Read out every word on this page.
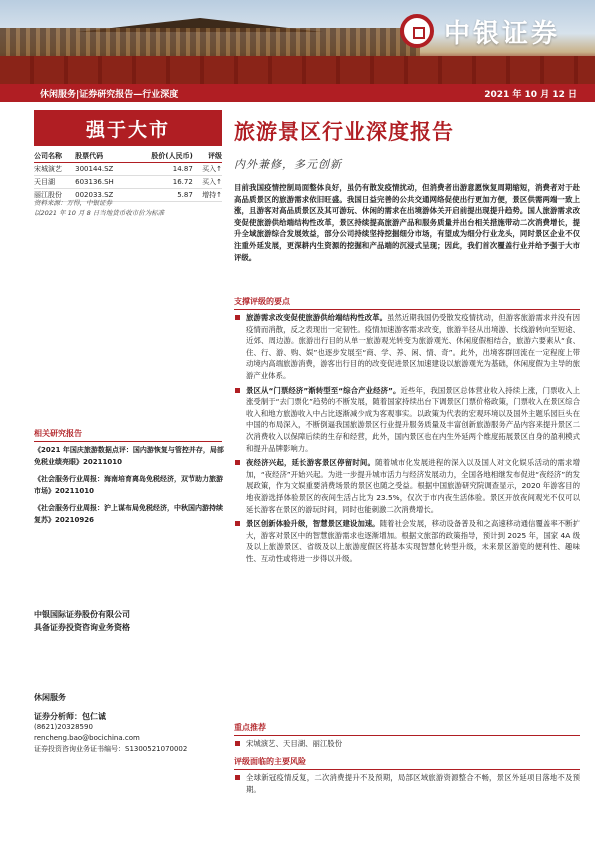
中银证券
休闲服务|证券研究报告—行业深度	2021 年 10 月 12 日
强于大市
公司名称	股票代码	股价(人民币)	评级
宋城演艺	300144.SZ	14.87	买入↑
天目湖	603136.SH	16.72	买入↑
丽江股份	002033.SZ	5.87	增持↑
资料来源：万得，中银证券
以2021 年 10 月 8 日当地货币收市价为标准
相关研究报告
《2021 年国庆旅游数据点评：国内游恢复与管控并存，局部免税业绩亮眼》20211010
《社会服务行业周报：海南培育离岛免税经济，双节助力旅游市场》20211010
《社会服务行业周报：沪上谋布局免税经济，中秋国内游持续复苏》20210926
中银国际证券股份有限公司
具备证券投资咨询业务资格
休闲服务
证券分析师：包仁诚
(8621)20328590
rencheng.bao@bocichina.com
证券投资咨询业务证书编号：S1300521070002
旅游景区行业深度报告
内外兼修，多元创新
目前我国疫情控制局面整体良好，虽仍有散发疫情扰动，但消费者出游意愿恢复周期缩短，消费者对于赴高品质景区的旅游需求依旧旺盛。我国日益完善的公共交通网络促使出行更加方便，景区供需两端一致上涨，且游客对高品质景区及其可游玩、休闲的需求在出境游体关开启前提出现提升趋势。国人旅游需求改变促使旅游供给端结构性改革，景区持续提高旅游产品和服务质量并出台相关措施带动二次消费增长，提升全域旅游综合发展效益，部分公司持续坚持挖掘细分市场，有望成为细分行业龙头，同时景区企业不仅注重外延发展，更深耕内生资源的挖掘和产品端的沉浸式呈现；因此，我们首次覆盖行业并给予强于大市评级。
支撑评级的要点
旅游需求改变促使旅游供给端结构性改革。虽然近期我国仍受散发疫情扰动，但游客旅游需求并没有因疫情而消散，反之表现出一定韧性。疫情加速游客需求改变，旅游半径从出境游、长线游转向至短途、近郊、周边游。旅游出行目的从单一旅游观光转变为旅游观光、休闲度假相结合，旅游六要素从“食、住、行、游、购、娱”也逐步发展至“商、学、养、闲、情、奇”。此外，出境客群回流在一定程度上带动境内高端旅游消费，游客出行目的的改变促进景区加速建设以旅游观光为基础，休闲度假为主导的旅游产业体系。
景区从“门票经济”渐转型至“综合产业经济”。近些年，我国景区总体营业收入持续上涨，门票收入上涨受制于“去门票化”趋势的不断发展，随着国家持续出台下调景区门票价格政策，门票收入在景区综合收入和地方旅游收入中占比逐渐减少成为客观事实。以政策为代表的宏观环境以及国外主题乐园巨头在中国的布局深入，不断倒逼我国旅游景区行业提升服务质量及丰富创新旅游服务产品内容来提升景区二次消费收入以保障后续的生存和经营，此外，国内景区也在内生外延两个维度拓展景区自身的盈利模式和提升品牌影响力。
夜经济兴起，延长游客景区停留时间。随着城市化发展进程的深入以及国人对文化娱乐活动的需求增加，“夜经济”开始兴起。为进一步提升城市活力与经济发展动力，全国各地相继发布促进“夜经济”的发展政策，作为文娱重要消费场景的景区也随之受益。根据中国旅游研究院调查显示，2020 年游客目的地夜游选择体验景区的夜间生活占比为 23.5%，仅次于市内夜生活体验。景区开放夜间观光不仅可以延长游客在景区的游玩时间，同时也能刺激二次消费增长。
景区创新体验升级，智慧景区建设加速。随着社会发展，移动设备普及和之高速移动通信覆盖率不断扩大，游客对景区中的智慧旅游需求也逐渐增加。根据文旅部的政策指导，预计到 2025 年，国家 4A 级及以上旅游景区、省级及以上旅游度假区将基本实现智慧化转型升级，未来景区游览的便利性、趣味性、互动性或将进一步得以升级。
重点推荐
宋城演艺、天目湖、丽江股份
评级面临的主要风险
全球新冠疫情反复，二次消费提升不及预期，局部区域旅游资源整合不畅，景区外延项目落地不及预期。
